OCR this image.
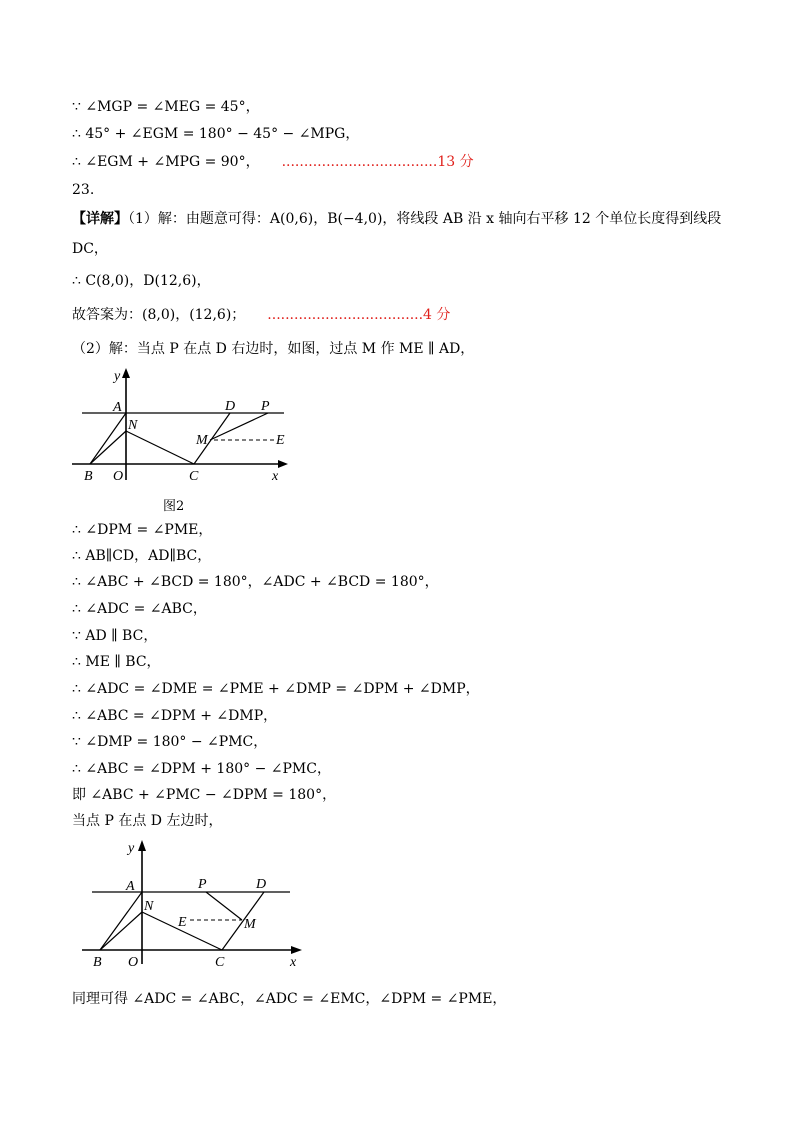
∵ ∠MGP = ∠MEG = 45°，
∴ 45° + ∠EGM = 180° − 45° − ∠MPG，
∴ ∠EGM + ∠MPG = 90°， ...................................13 分
23.
【详解】（1）解：由题意可得：A(0,6)，B(−4,0)，将线段 AB 沿 x 轴向右平移 12 个单位长度得到线段
DC，
∴ C(8,0)，D(12,6)，
故答案为：(8,0)，(12,6)； ...................................4 分
（2）解：当点 P 在点 D 右边时，如图，过点 M 作 ME ∥ AD，
∴ ∠DPM = ∠PME，
∴ AB∥CD，AD∥BC，
∴ ∠ABC + ∠BCD = 180°，∠ADC + ∠BCD = 180°，
∴ ∠ADC = ∠ABC，
∵ AD ∥ BC，
∴ ME ∥ BC，
∴ ∠ADC = ∠DME = ∠PME + ∠DMP = ∠DPM + ∠DMP，
∴ ∠ABC = ∠DPM + ∠DMP，
∵ ∠DMP = 180° − ∠PMC，
∴ ∠ABC = ∠DPM + 180° − ∠PMC，
即 ∠ABC + ∠PMC − ∠DPM = 180°，
当点 P 在点 D 左边时，
同理可得 ∠ADC = ∠ABC，∠ADC = ∠EMC，∠DPM = ∠PME，
y
A
N
B O	C	x
D P
M	E
图2
y
A
N
B O	C	x
P	D
E	M
